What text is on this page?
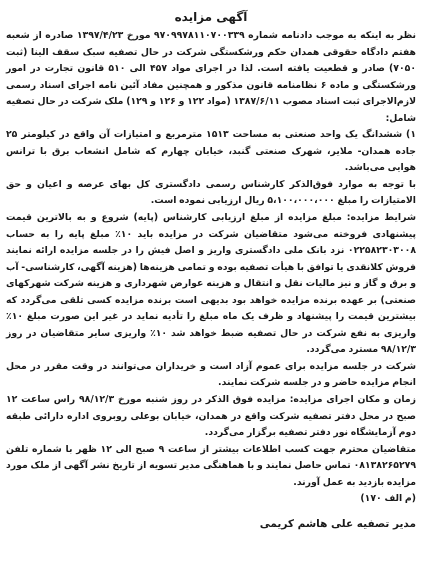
آگهی مزایده

نظر به اینکه به موجب دادنامه شماره ۹۷۰۹۹۷۸۱۱۰۷۰۰۳۳۹ مورخ ۱۳۹۷/۴/۲۳ صادره از شعبه هفتم دادگاه حقوقی همدان حکم ورشکستگی شرکت در حال تصفیه سبک سقف الینا (ثبت ۷۰۵۰) صادر و قطعیت یافته است. لذا در اجرای مواد ۴۵۷ الی ۵۱۰ قانون تجارت در امور ورشکستگی و ماده ۶ نظامنامه قانون مذکور و همچنین مفاد آئین نامه اجرای اسناد رسمی لازم‌الاجرای ثبت اسناد مصوب ۱۳۸۷/۶/۱۱ (مواد ۱۲۲ و ۱۲۶ و ۱۲۹) ملک شرکت در حال تصفیه شامل:

۱) ششدانگ یک واحد صنعتی به مساحت ۱۵۱۳ مترمربع و امتیازات آن واقع در کیلومتر ۲۵ جاده همدان- ملایر، شهرک صنعتی گنبد، خیابان چهارم که شامل انشعاب برق با ترانس هوایی می‌باشد.

با توجه به موارد فوق‌الذکر کارشناس رسمی دادگستری کل بهای عرصه و اعیان و حق الامتیازات را مبلغ ۵،۱۰۰،۰۰۰،۰۰۰ ریال ارزیابی نموده است.

شرایط مزایده: مبلغ مزایده از مبلغ ارزیابی کارشناس (پایه) شروع و به بالاترین قیمت پیشنهادی فروخته می‌شود متقاضیان شرکت در مزایده باید ۱۰٪ مبلغ پایه را به حساب ۰۲۲۵۸۲۳۰۳۰۰۸ نزد بانک ملی دادگستری واریز و اصل فیش را در جلسه مزایده ارائه نمایند فروش کلانقدی یا توافق با هیأت تصفیه بوده و تمامی هزینه‌ها (هزینه آگهی، کارشناسی- آب و برق و گاز و نیز مالیات نقل و انتقال و هزینه عوارض شهرداری و هزینه شرکت شهرکهای صنعتی) بر عهده برنده مزایده خواهد بود بدیهی است برنده مزایده کسی تلقی می‌گردد که بیشترین قیمت را پیشنهاد و ظرف یک ماه مبلغ را تأدیه نماید در غیر این صورت مبلغ ۱۰٪ واریزی به نفع شرکت در حال تصفیه ضبط خواهد شد ۱۰٪ واریزی سایر متقاضیان در روز ۹۸/۱۲/۳ مسترد می‌گردد.

شرکت در جلسه مزایده برای عموم آزاد است و خریداران می‌توانند در وقت مقرر در محل انجام مزایده حاضر و در جلسه شرکت نمایند.

زمان و مکان اجرای مزایده: مزایده فوق الذکر در روز شنبه مورخ ۹۸/۱۲/۳ راس ساعت ۱۲ صبح در محل دفتر تصفیه شرکت واقع در همدان، خیابان بوعلی روبروی اداره دارائی طبقه دوم آزمایشگاه نور دفتر تصفیه برگزار می‌گردد.

متقاضیان محترم جهت کسب اطلاعات بیشتر از ساعت ۹ صبح الی ۱۲ ظهر با شماره تلفن ۰۸۱۳۸۲۶۵۲۷۹ تماس حاصل نمایند و با هماهنگی مدیر تسویه از تاریخ نشر آگهی از ملک مورد مزایده بازدید به عمل آورند.

(م الف ۱۷۰)

مدیر تصفیه علی هاشم کریمی
